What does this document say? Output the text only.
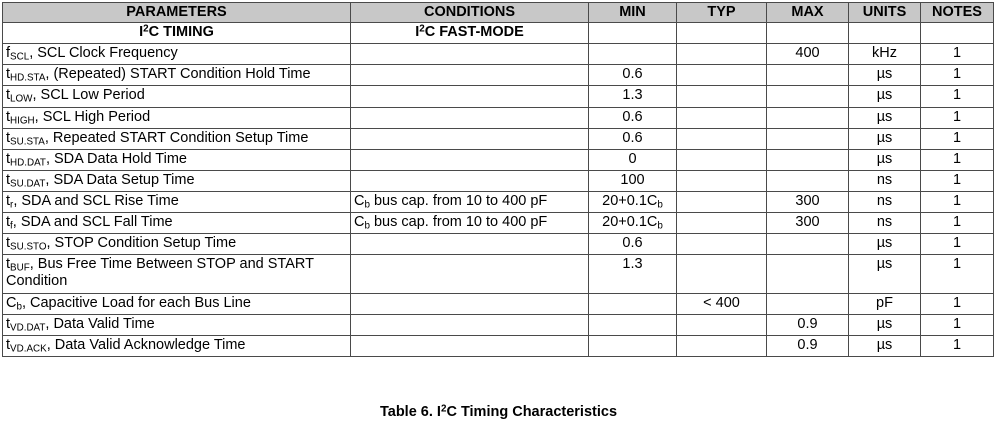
PARAMETERS	CONDITIONS	MIN	TYP	MAX	UNITS	NOTES
$I^2C$ TIMING	$I^2C$ FAST-MODE					
$f_{SCL}$, SCL Clock Frequency				400	kHz	1
$t_{HD.STA}$, (Repeated) START Condition Hold Time		0.6			µs	1
$t_{LOW}$, SCL Low Period		1.3			µs	1
$t_{HIGH}$, SCL High Period		0.6			µs	1
$t_{SU.STA}$, Repeated START Condition Setup Time		0.6			µs	1
$t_{HD.DAT}$, SDA Data Hold Time		0			µs	1
$t_{SU.DAT}$, SDA Data Setup Time		100			ns	1
$t_r$, SDA and SCL Rise Time	$C_b$ bus cap. from 10 to 400 pF	$20+0.1C_b$		300	ns	1
$t_f$, SDA and SCL Fall Time	$C_b$ bus cap. from 10 to 400 pF	$20+0.1C_b$		300	ns	1
$t_{SU.STO}$, STOP Condition Setup Time		0.6			µs	1
$t_{BUF}$, Bus Free Time Between STOP and START Condition		1.3			µs	1
$C_b$, Capacitive Load for each Bus Line			< 400		pF	1
$t_{VD.DAT}$, Data Valid Time				0.9	µs	1
$t_{VD.ACK}$, Data Valid Acknowledge Time				0.9	µs	1
Table 6. $I^2C$ Timing Characteristics
